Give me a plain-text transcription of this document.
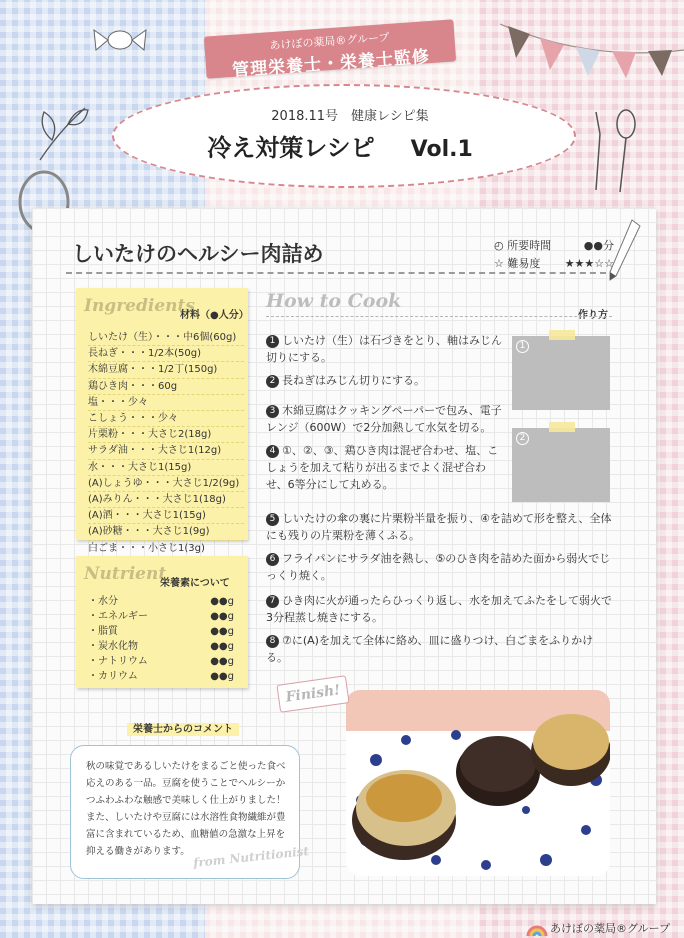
あけぼの薬局®グループ
管理栄養士・栄養士監修
2018.11号　健康レシピ集
冷え対策レシピ Vol.1
しいたけのヘルシー肉詰め	◴ 所要時間	●●分
☆ 難易度 ★★★☆☆
Ingredients
材料（●人分）
しいたけ（生）・・・中6個(60g)
長ねぎ・・・1/2本(50g)
木綿豆腐・・・1/2丁(150g)
鶏ひき肉・・・60g
塩・・・少々
こしょう・・・少々
片栗粉・・・大さじ2(18g)
サラダ油・・・大さじ1(12g)
水・・・大さじ1(15g)
(A)しょうゆ・・・大さじ1/2(9g)
(A)みりん・・・大さじ1(18g)
(A)酒・・・大さじ1(15g)
(A)砂糖・・・大さじ1(9g)
白ごま・・・小さじ1(3g)
Nutrient
栄養素について
・水分	●●g
・エネルギー	●●g
・脂質	●●g
・炭水化物	●●g
・ナトリウム	●●g
・カリウム	●●g
How to Cook
作り方
1 しいたけ（生）は石づきをとり、軸はみじん切りにする。
2 長ねぎはみじん切りにする。
3 木綿豆腐はクッキングペーパーで包み、電子レンジ（600W）で2分加熱して水気を切る。
4 ①、②、③、鶏ひき肉は混ぜ合わせ、塩、こしょうを加えて粘りが出るまでよく混ぜ合わせ、6等分にして丸める。
1
2
5 しいたけの傘の裏に片栗粉半量を振り、④を詰めて形を整え、全体にも残りの片栗粉を薄くふる。
6 フライパンにサラダ油を熱し、⑤のひき肉を詰めた面から弱火でじっくり焼く。
7 ひき肉に火が通ったらひっくり返し、水を加えてふたをして弱火で3分程蒸し焼きにする。
8 ⑦に(A)を加えて全体に絡め、皿に盛りつけ、白ごまをふりかける。
Finish!
栄養士からのコメント
秋の味覚であるしいたけをまるごと使った食べ応えのある一品。豆腐を使うことでヘルシーかつふわふわな触感で美味しく仕上がりました！また、しいたけや豆腐には水溶性食物繊維が豊富に含まれているため、血糖値の急激な上昇を抑える働きがあります。 from Nutritionist
あけぼの薬局®グループ
